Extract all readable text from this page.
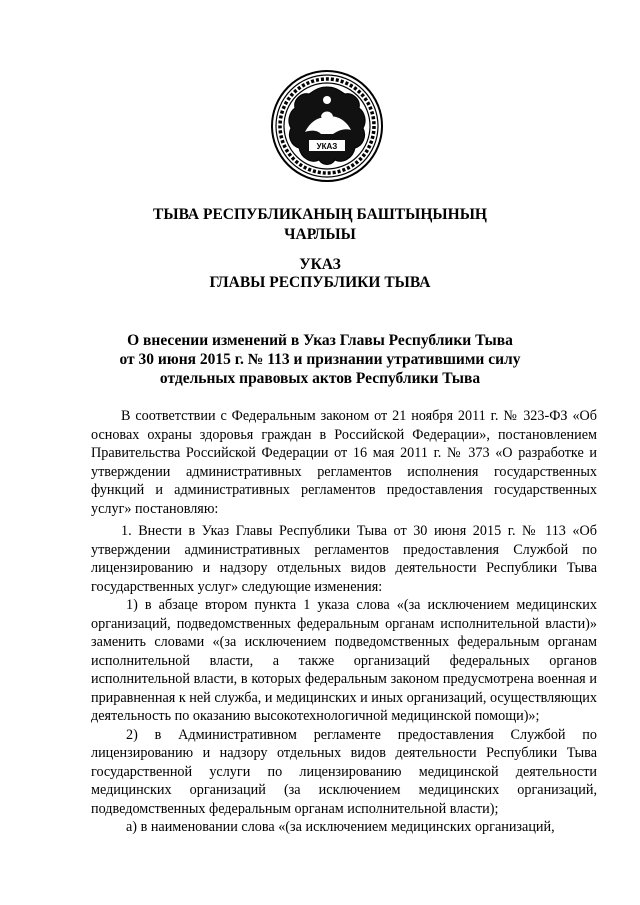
УКАЗ

ТЫВА РЕСПУБЛИКАНЫҢ БАШТЫҢЫНЫҢ

ЧАРЛЫЫ

УКАЗ

ГЛАВЫ РЕСПУБЛИКИ ТЫВА

О внесении изменений в Указ Главы Республики Тыва

от 30 июня 2015 г. № 113 и признании утратившими силу

отдельных правовых актов Республики Тыва

В соответствии с Федеральным законом от 21 ноября 2011 г. № 323-ФЗ «Об основах охраны здоровья граждан в Российской Федерации», постановлением Правительства Российской Федерации от 16 мая 2011 г. № 373 «О разработке и утверждении административных регламентов исполнения государственных функций и административных регламентов предоставления государственных услуг» постановляю:

1. Внести в Указ Главы Республики Тыва от 30 июня 2015 г. № 113 «Об утверждении административных регламентов предоставления Службой по лицензированию и надзору отдельных видов деятельности Республики Тыва государственных услуг» следующие изменения:

1) в абзаце втором пункта 1 указа слова «(за исключением медицинских организаций, подведомственных федеральным органам исполнительной власти)» заменить словами «(за исключением подведомственных федеральным органам исполнительной власти, а также организаций федеральных органов исполнительной власти, в которых федеральным законом предусмотрена военная и приравненная к ней служба, и медицинских и иных организаций, осуществляющих деятельность по оказанию высокотехнологичной медицинской помощи)»;

2) в Административном регламенте предоставления Службой по лицензированию и надзору отдельных видов деятельности Республики Тыва государственной услуги по лицензированию медицинской деятельности медицинских организаций (за исключением медицинских организаций, подведомственных федеральным органам исполнительной власти);

а) в наименовании слова «(за исключением медицинских организаций,
